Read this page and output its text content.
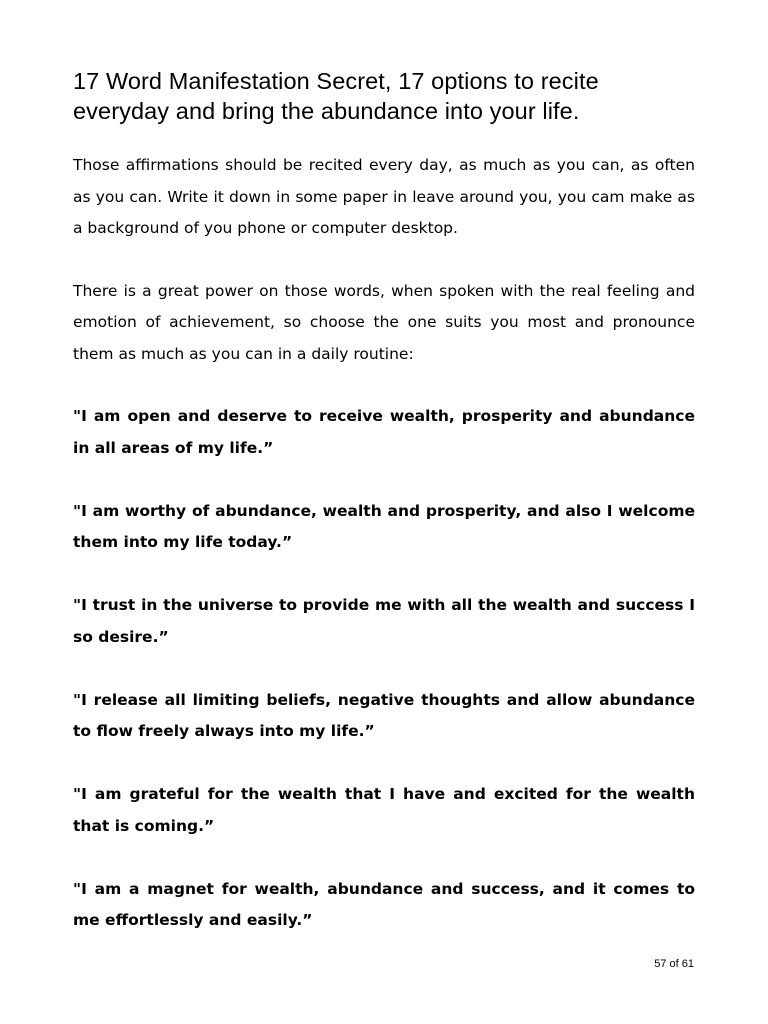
17 Word Manifestation Secret, 17 options to recite everyday and bring the abundance into your life.

Those affirmations should be recited every day, as much as you can, as often as you can. Write it down in some paper in leave around you, you cam make as a background of you phone or computer desktop.

There is a great power on those words, when spoken with the real feeling and emotion of achievement, so choose the one suits you most and pronounce them as much as you can in a daily routine:

"I am open and deserve to receive wealth, prosperity and abundance in all areas of my life.”

"I am worthy of abundance, wealth and prosperity, and also I welcome them into my life today.”

"I trust in the universe to provide me with all the wealth and success I so desire.”

"I release all limiting beliefs, negative thoughts and allow abundance to flow freely always into my life.”

"I am grateful for the wealth that I have and excited for the wealth that is coming.”

"I am a magnet for wealth, abundance and success, and it comes to me effortlessly and easily.”

57 of 61
